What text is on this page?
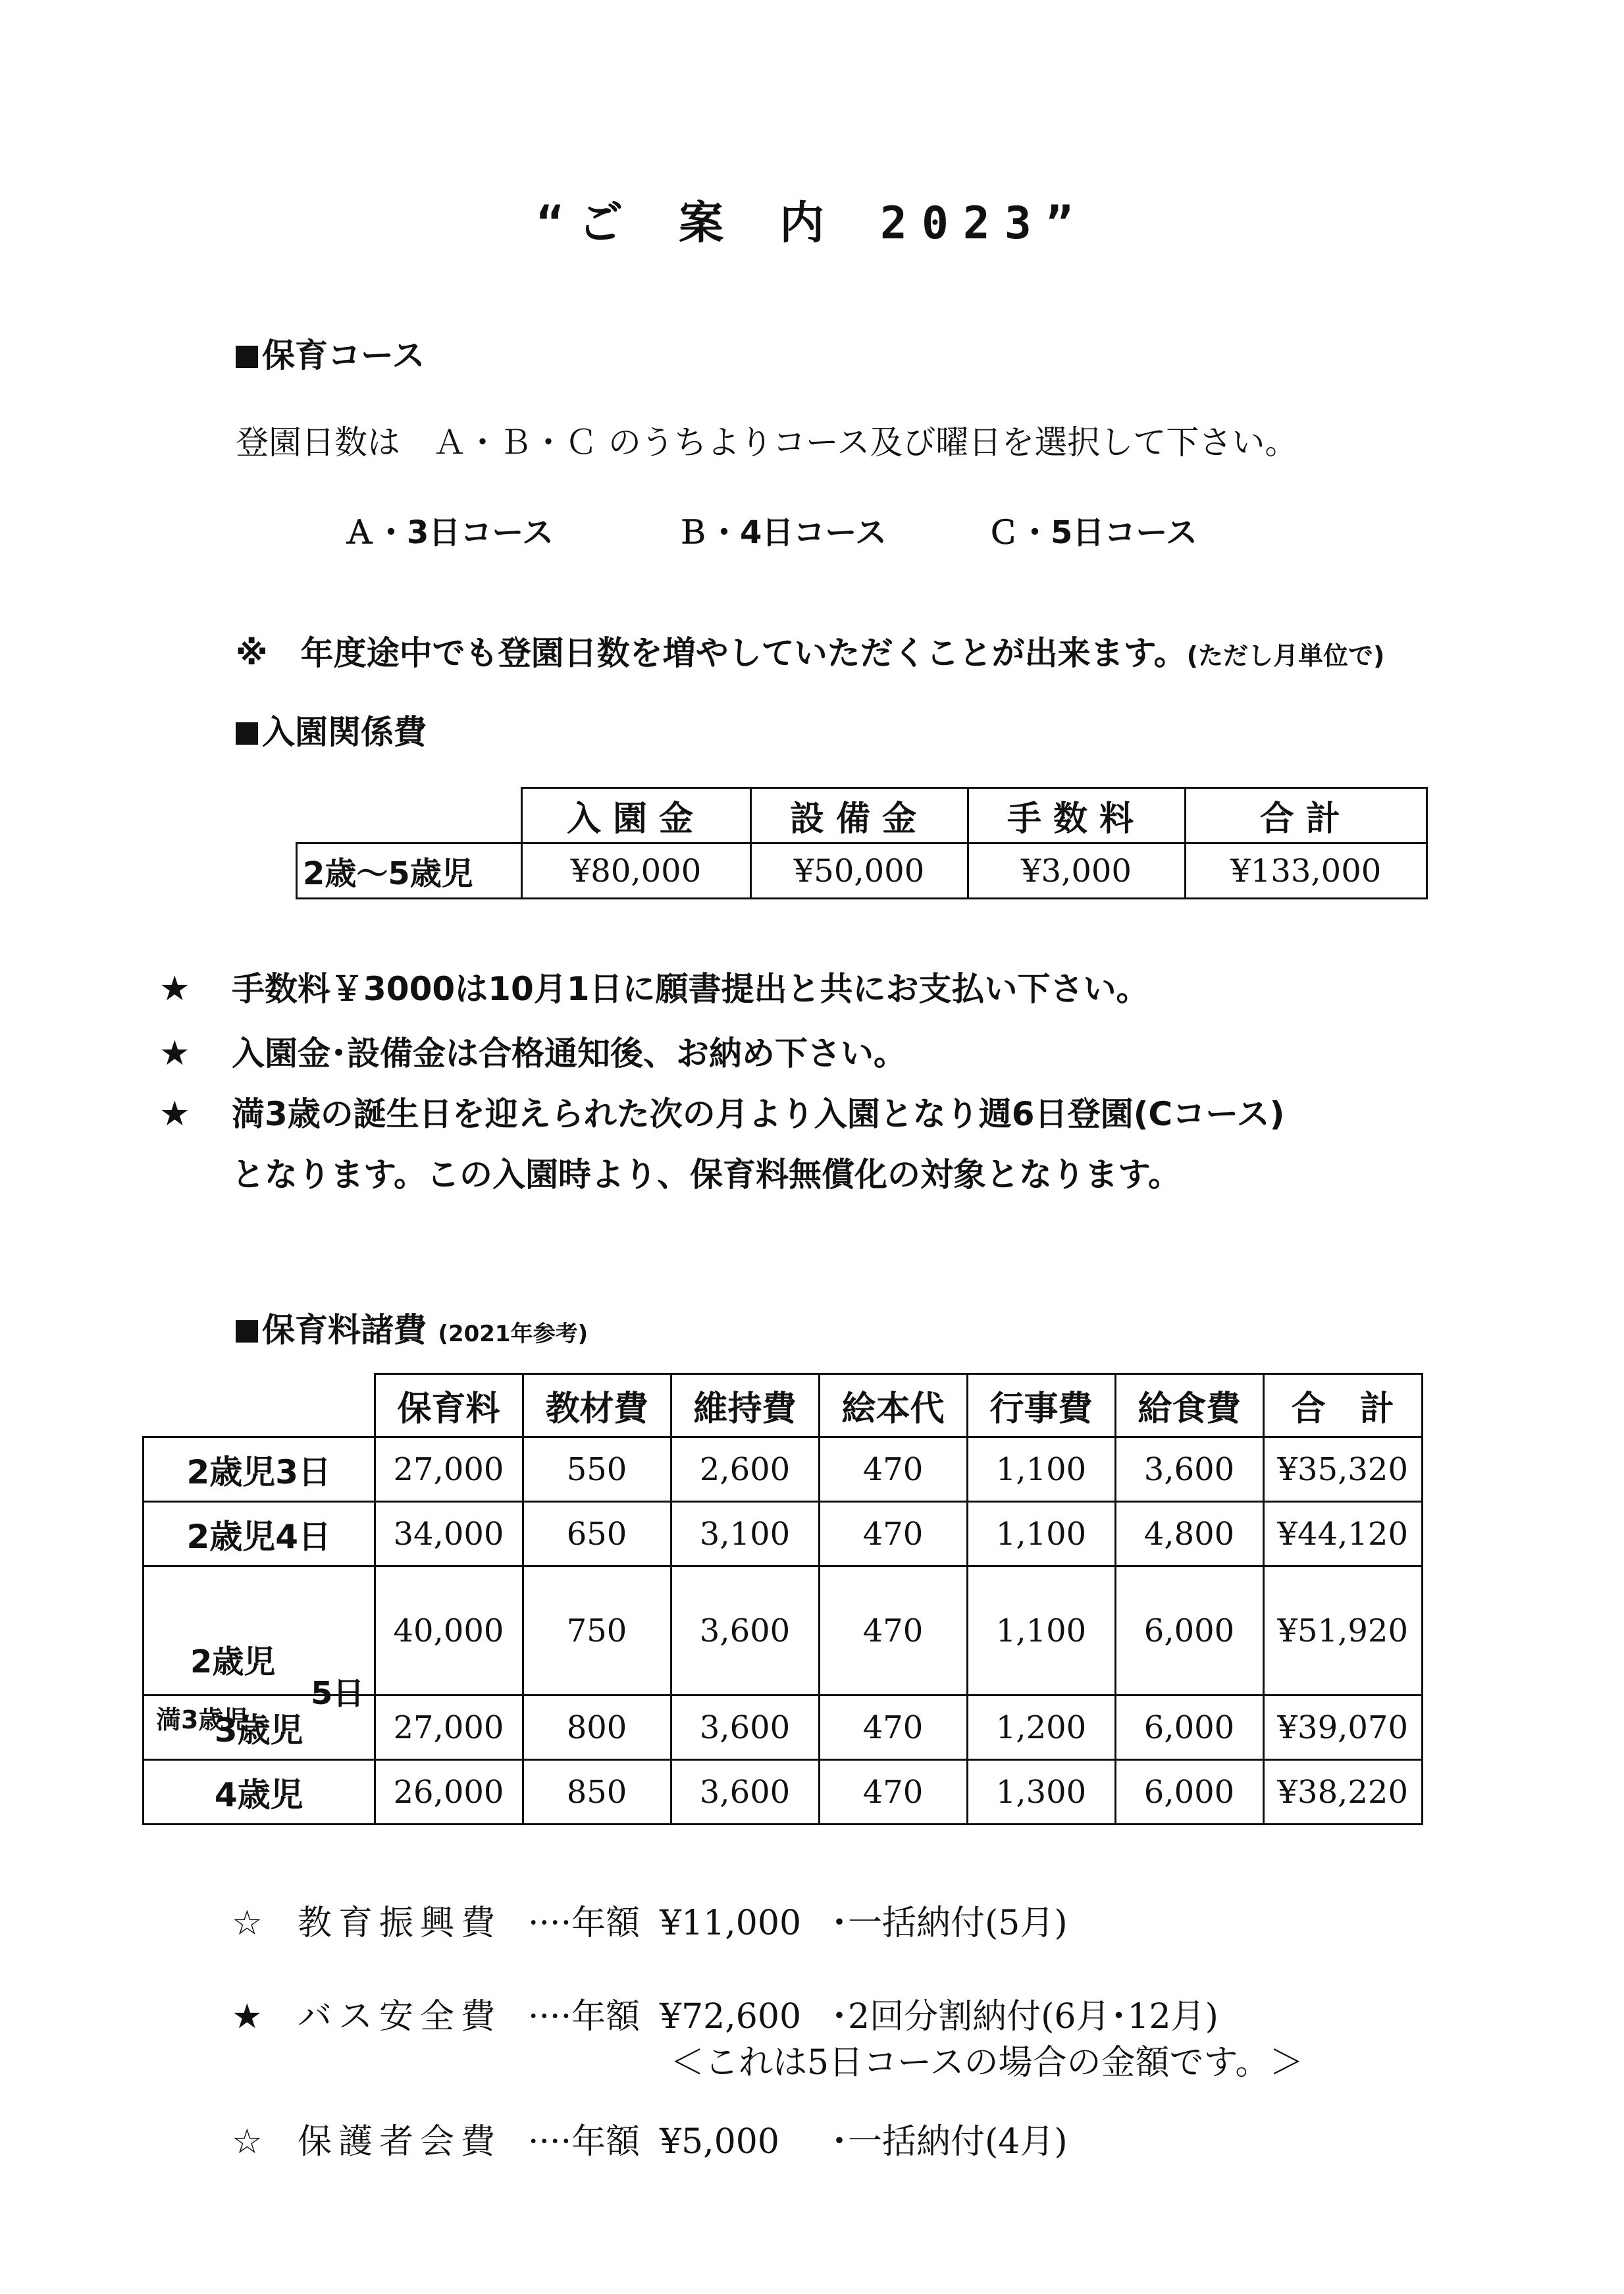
“ご 案 内 2023”
保育コース
登園日数は　Ａ・Ｂ・Ｃ のうちよりコース及び曜日を選択して下さい。
Ａ・3日コース	Ｂ・4日コース	Ｃ・5日コース
※　年度途中でも登園日数を増やしていただくことが出来ます。(ただし月単位で)
入園関係費
	入園金	設備金	手数料	合計
2歳～5歳児	¥80,000	¥50,000	¥3,000	¥133,000
★ 手数料￥3000は10月1日に願書提出と共にお支払い下さい。
★ 入園金･設備金は合格通知後、お納め下さい。
★ 満3歳の誕生日を迎えられた次の月より入園となり週6日登園(Cコース)
となります。この入園時より、保育料無償化の対象となります。
保育料諸費 (2021年参考)
	保育料	教材費	維持費	絵本代	行事費	給食費	合　計
2歳児3日	27,000	550	2,600	470	1,100	3,600	¥35,320
2歳児4日	34,000	650	3,100	470	1,100	4,800	¥44,120

2歳児
満3歳児
5日	40,000	750	3,600	470	1,100	6,000	¥51,920
3歳児	27,000	800	3,600	470	1,200	6,000	¥39,070
4歳児	26,000	850	3,600	470	1,300	6,000	¥38,220
☆ 教育振興費 ····年額 ¥11,000 ･一括納付(5月)
★ バス安全費 ····年額 ¥72,600 ･2回分割納付(6月･12月)
＜これは5日コースの場合の金額です。＞
☆ 保護者会費 ····年額 ¥5,000 ･一括納付(4月)
